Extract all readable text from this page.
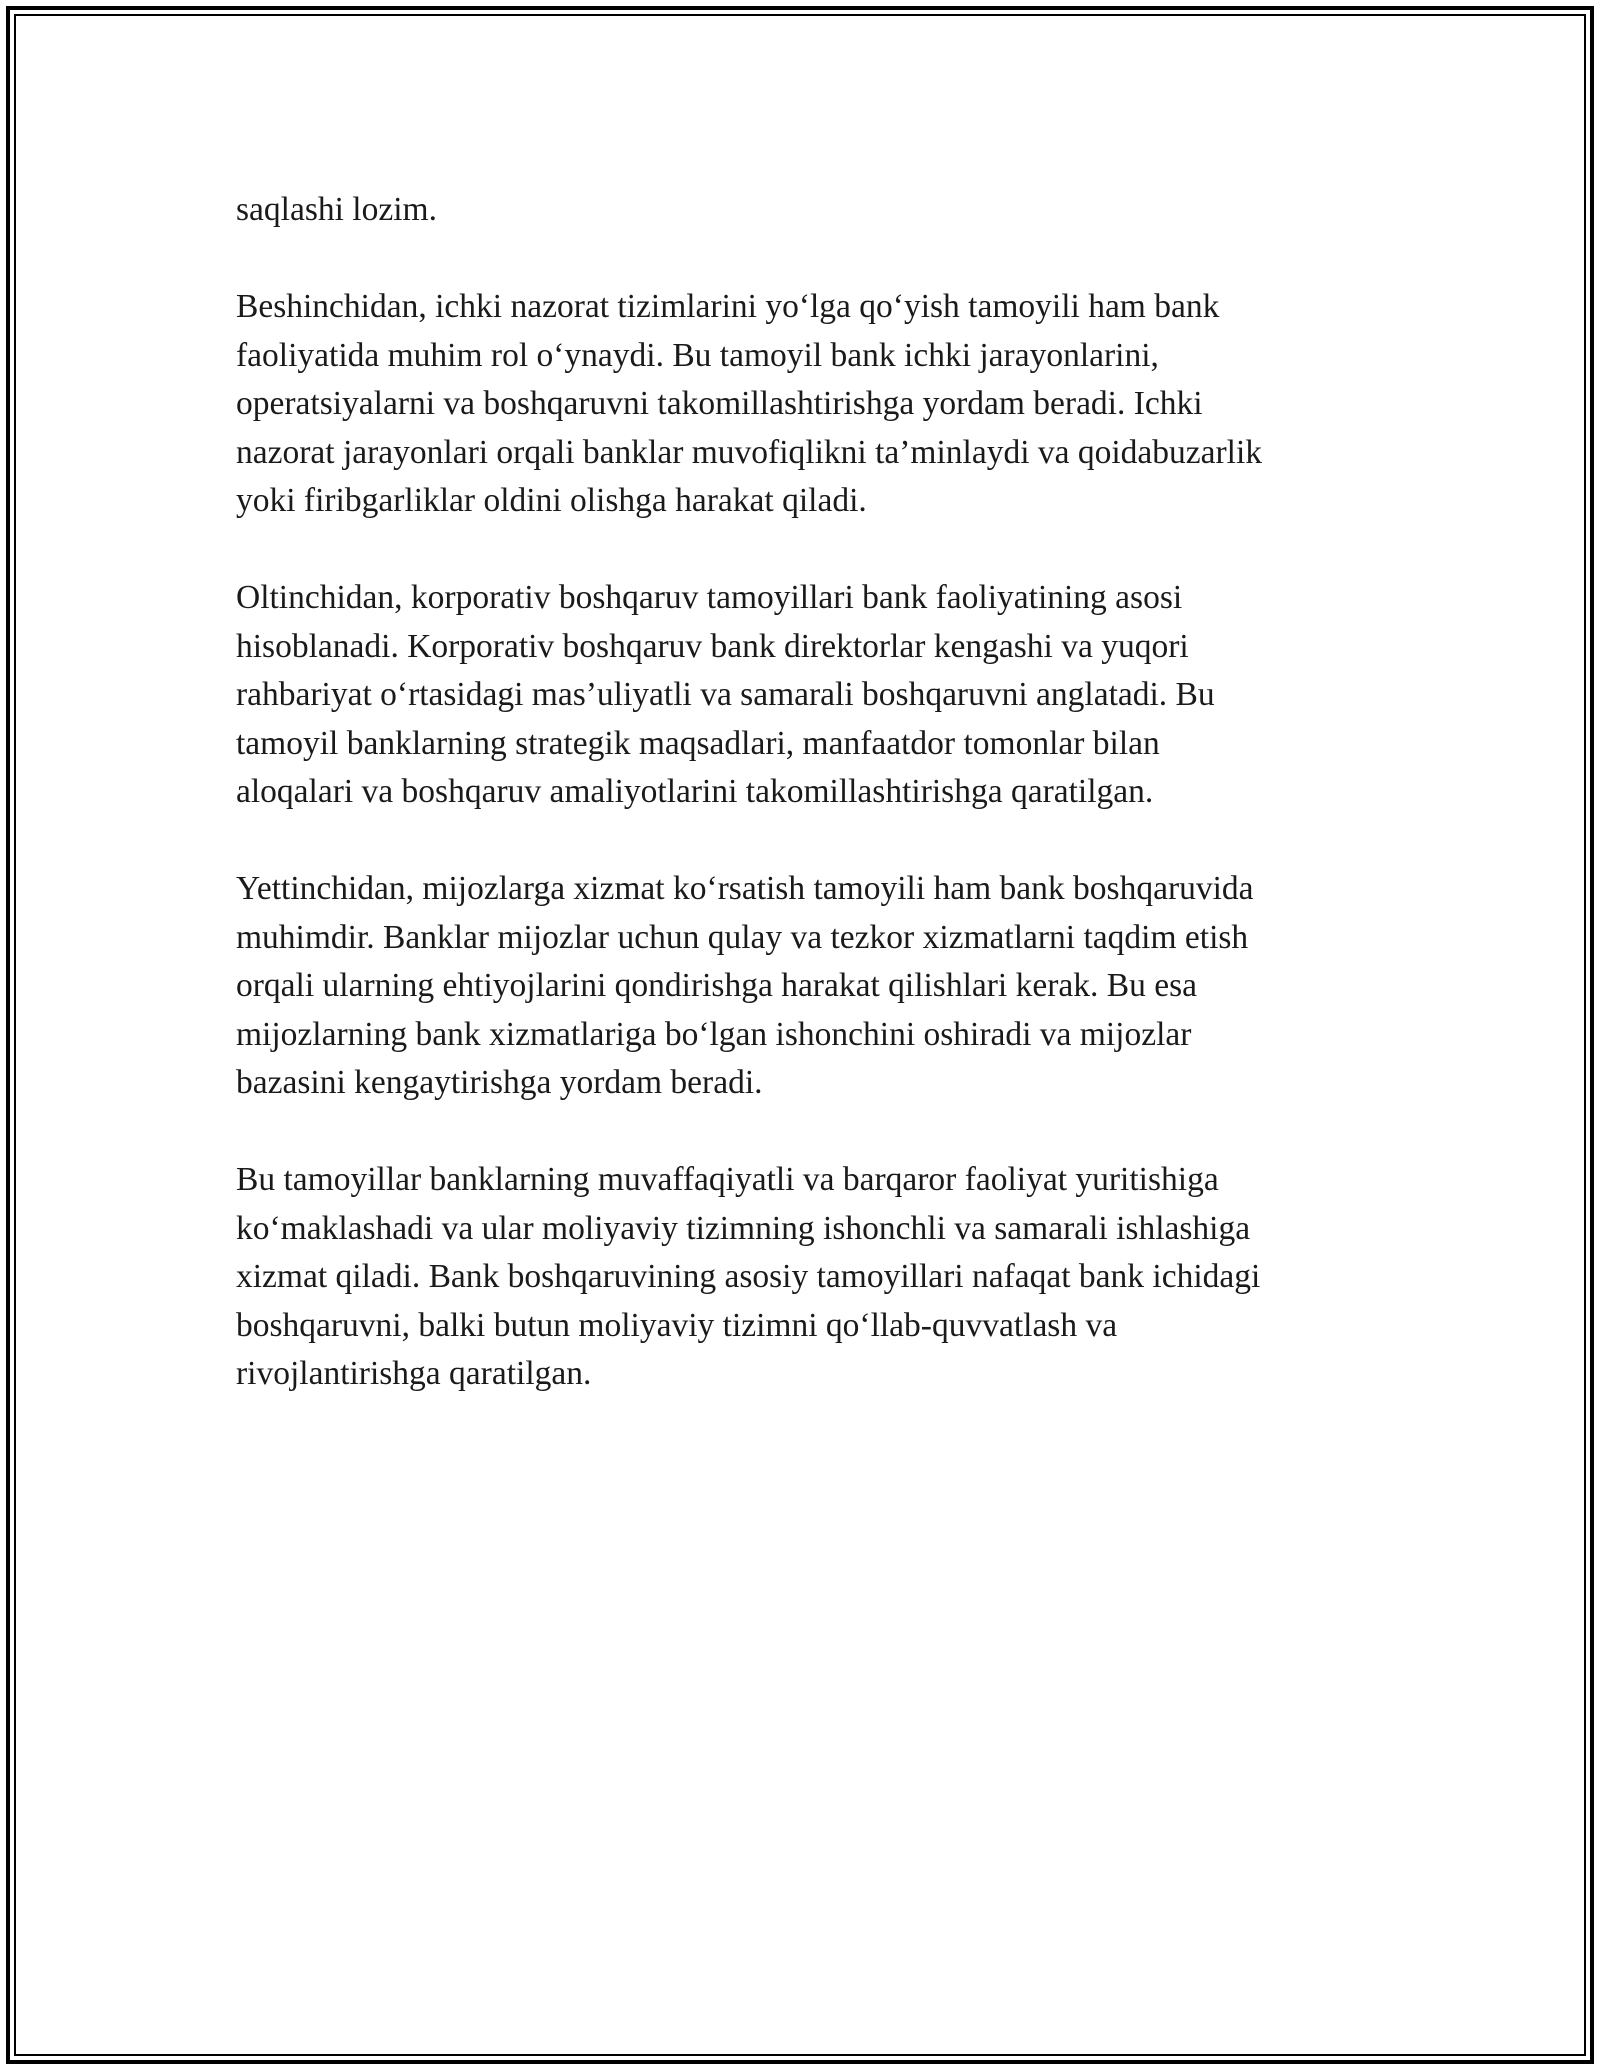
saqlashi lozim.

Beshinchidan, ichki nazorat tizimlarini yo‘lga qo‘yish tamoyili ham bank
faoliyatida muhim rol o‘ynaydi. Bu tamoyil bank ichki jarayonlarini,
operatsiyalarni va boshqaruvni takomillashtirishga yordam beradi. Ichki
nazorat jarayonlari orqali banklar muvofiqlikni ta’minlaydi va qoidabuzarlik
yoki firibgarliklar oldini olishga harakat qiladi.

Oltinchidan, korporativ boshqaruv tamoyillari bank faoliyatining asosi
hisoblanadi. Korporativ boshqaruv bank direktorlar kengashi va yuqori
rahbariyat o‘rtasidagi mas’uliyatli va samarali boshqaruvni anglatadi. Bu
tamoyil banklarning strategik maqsadlari, manfaatdor tomonlar bilan
aloqalari va boshqaruv amaliyotlarini takomillashtirishga qaratilgan.

Yettinchidan, mijozlarga xizmat ko‘rsatish tamoyili ham bank boshqaruvida
muhimdir. Banklar mijozlar uchun qulay va tezkor xizmatlarni taqdim etish
orqali ularning ehtiyojlarini qondirishga harakat qilishlari kerak. Bu esa
mijozlarning bank xizmatlariga bo‘lgan ishonchini oshiradi va mijozlar
bazasini kengaytirishga yordam beradi.

Bu tamoyillar banklarning muvaffaqiyatli va barqaror faoliyat yuritishiga
ko‘maklashadi va ular moliyaviy tizimning ishonchli va samarali ishlashiga
xizmat qiladi. Bank boshqaruvining asosiy tamoyillari nafaqat bank ichidagi
boshqaruvni, balki butun moliyaviy tizimni qo‘llab-quvvatlash va
rivojlantirishga qaratilgan.
